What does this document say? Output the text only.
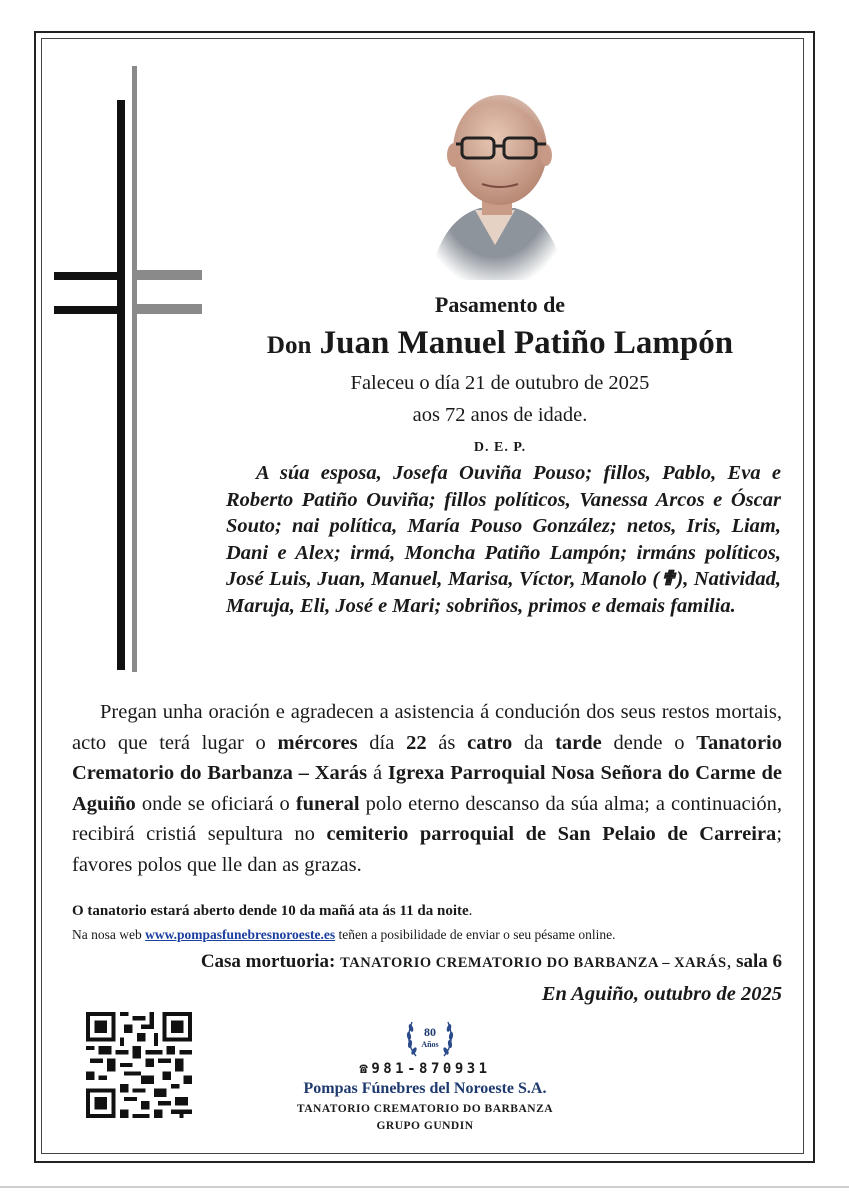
Pasamento de
Don Juan Manuel Patiño Lampón
Faleceu o día 21 de outubro de 2025
aos 72 anos de idade.
D. E. P.

A súa esposa, Josefa Ouviña Pouso; fillos, Pablo, Eva e Roberto Patiño Ouviña; fillos políticos, Vanessa Arcos e Óscar Souto; nai política, María Pouso González; netos, Iris, Liam, Dani e Alex; irmá, Moncha Patiño Lampón; irmáns políticos, José Luis, Juan, Manuel, Marisa, Víctor, Manolo (✟), Natividad, Maruja, Eli, José e Mari; sobriños, primos e demais familia.

Pregan unha oración e agradecen a asistencia á condución dos seus restos mortais, acto que terá lugar o mércores día 22 ás catro da tarde dende o Tanatorio Crematorio do Barbanza – Xarás á Igrexa Parroquial Nosa Señora do Carme de Aguiño onde se oficiará o funeral polo eterno descanso da súa alma; a continuación, recibirá cristiá sepultura no cemiterio parroquial de San Pelaio de Carreira; favores polos que lle dan as grazas.

O tanatorio estará aberto dende 10 da mañá ata ás 11 da noite.
Na nosa web www.pompasfunebresnoroeste.es teñen a posibilidade de enviar o seu pésame online.
Casa mortuoria: TANATORIO CREMATORIO DO BARBANZA – XARÁS, sala 6
En Aguiño, outubro de 2025
80
Años
☎981-870931
Pompas Fúnebres del Noroeste S.A.
TANATORIO CREMATORIO DO BARBANZA
GRUPO GUNDIN
